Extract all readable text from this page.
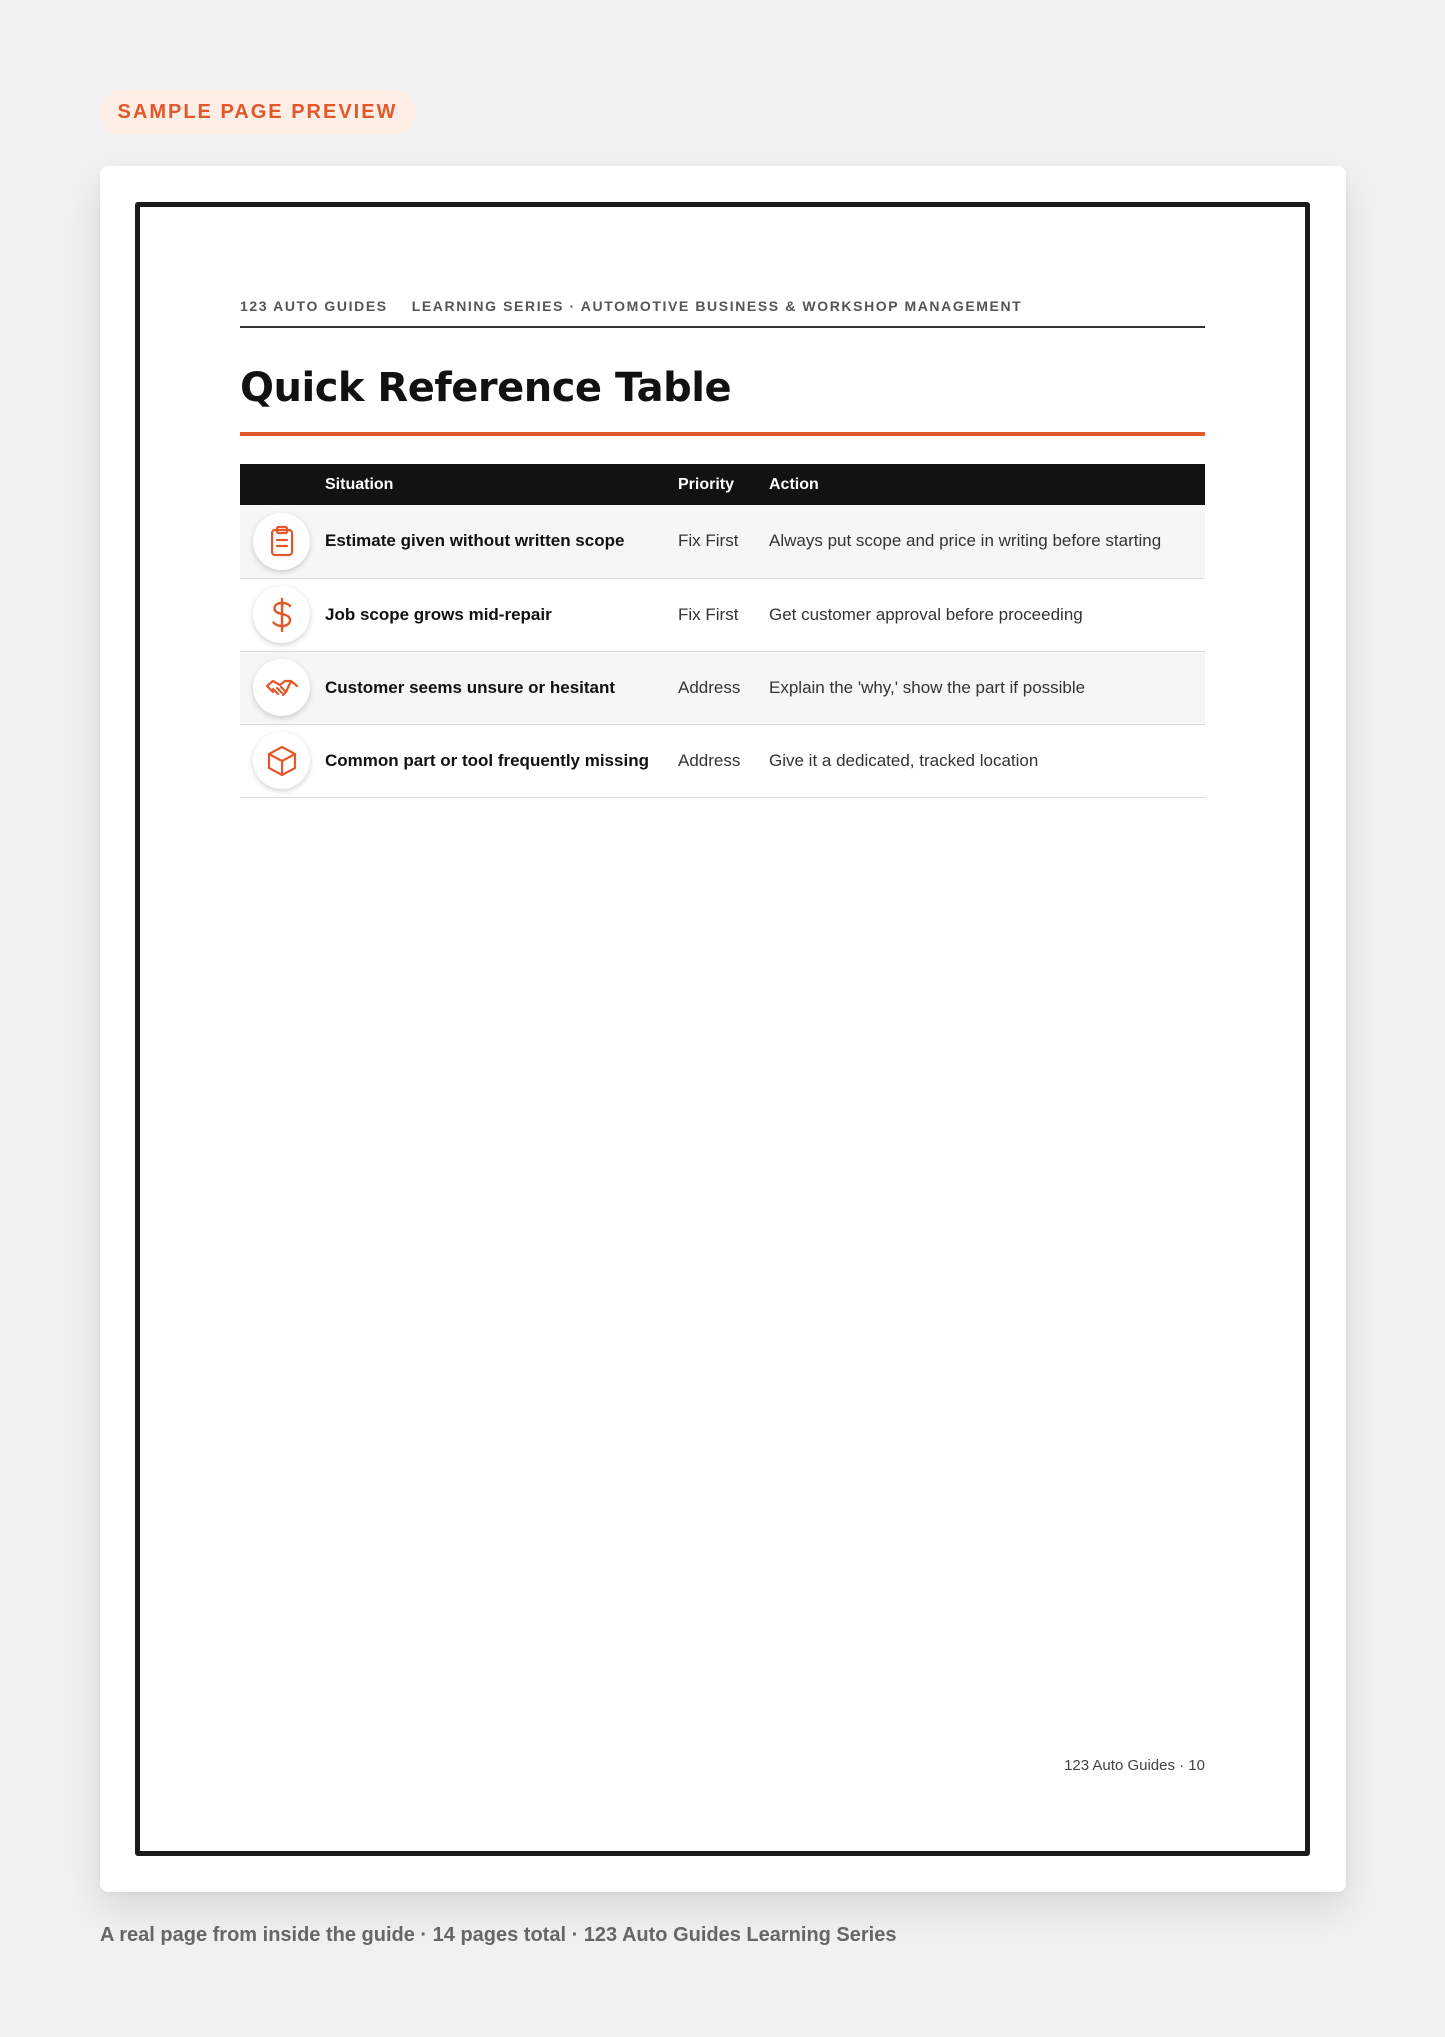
SAMPLE PAGE PREVIEW
123 AUTO GUIDES LEARNING SERIES · AUTOMOTIVE BUSINESS & WORKSHOP MANAGEMENT
Quick Reference Table
	Situation	Priority	Action

	Estimate given without written scope	Fix First	Always put scope and price in writing before starting

	Job scope grows mid-repair	Fix First	Get customer approval before proceeding

	Customer seems unsure or hesitant	Address	Explain the 'why,' show the part if possible

	Common part or tool frequently missing	Address	Give it a dedicated, tracked location
123 Auto Guides · 10
A real page from inside the guide · 14 pages total · 123 Auto Guides Learning Series
